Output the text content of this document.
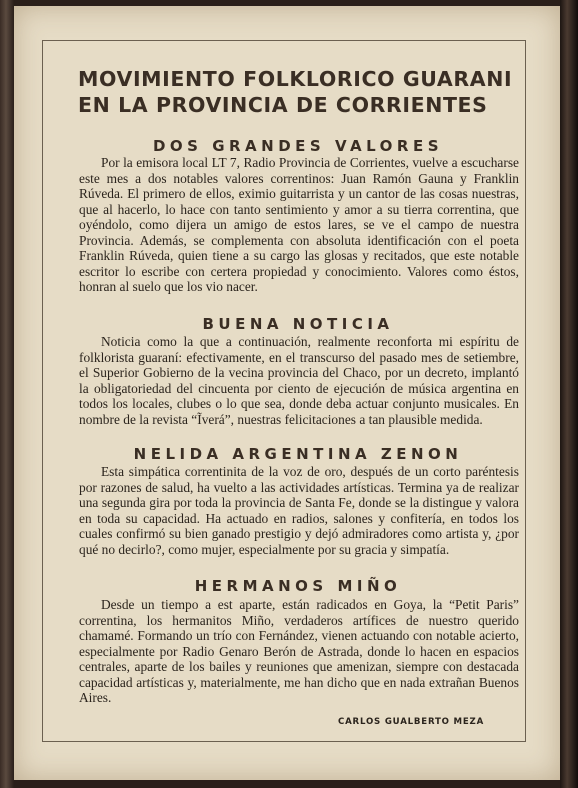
MOVIMIENTO FOLKLORICO GUARANI
EN LA PROVINCIA DE CORRIENTES
DOS GRANDES VALORES

Por la emisora local LT 7, Radio Provincia de Corrientes, vuelve a escucharse este mes a dos notables valores correntinos: Juan Ramón Gauna y Franklin Rúveda. El primero de ellos, eximio guitarrista y un cantor de las cosas nuestras, que al hacerlo, lo hace con tanto sentimiento y amor a su tierra correntina, que oyéndolo, como dijera un amigo de estos lares, se ve el campo de nuestra Provincia. Además, se complementa con absoluta identificación con el poeta Franklin Rúveda, quien tiene a su cargo las glosas y recitados, que este notable escritor lo escribe con certera propiedad y conocimiento. Valores como éstos, honran al suelo que los vio nacer.

BUENA NOTICIA

Noticia como la que a continuación, realmente reconforta mi espíritu de folklorista guaraní: efectivamente, en el transcurso del pasado mes de setiembre, el Superior Gobierno de la vecina provincia del Chaco, por un decreto, implantó la obligatoriedad del cincuenta por ciento de ejecución de música argentina en todos los locales, clubes o lo que sea, donde deba actuar conjunto musicales. En nombre de la revista “Ĩverá”, nuestras felicitaciones a tan plausible medida.

NELIDA ARGENTINA ZENON

Esta simpática correntinita de la voz de oro, después de un corto paréntesis por razones de salud, ha vuelto a las actividades artísticas. Termina ya de realizar una segunda gira por toda la provincia de Santa Fe, donde se la distingue y valora en toda su capacidad. Ha actuado en radios, salones y confitería, en todos los cuales confirmó su bien ganado prestigio y dejó admiradores como artista y, ¿por qué no decirlo?, como mujer, especialmente por su gracia y simpatía.

HERMANOS MIÑO

Desde un tiempo a est aparte, están radicados en Goya, la “Petit Paris” correntina, los hermanitos Miño, verdaderos artífices de nuestro querido chamamé. Formando un trío con Fernández, vienen actuando con notable acierto, especialmente por Radio Genaro Berón de Astrada, donde lo hacen en espacios centrales, aparte de los bailes y reuniones que amenizan, siempre con destacada capacidad artísticas y, materialmente, me han dicho que en nada extrañan Buenos Aires.

CARLOS GUALBERTO MEZA
